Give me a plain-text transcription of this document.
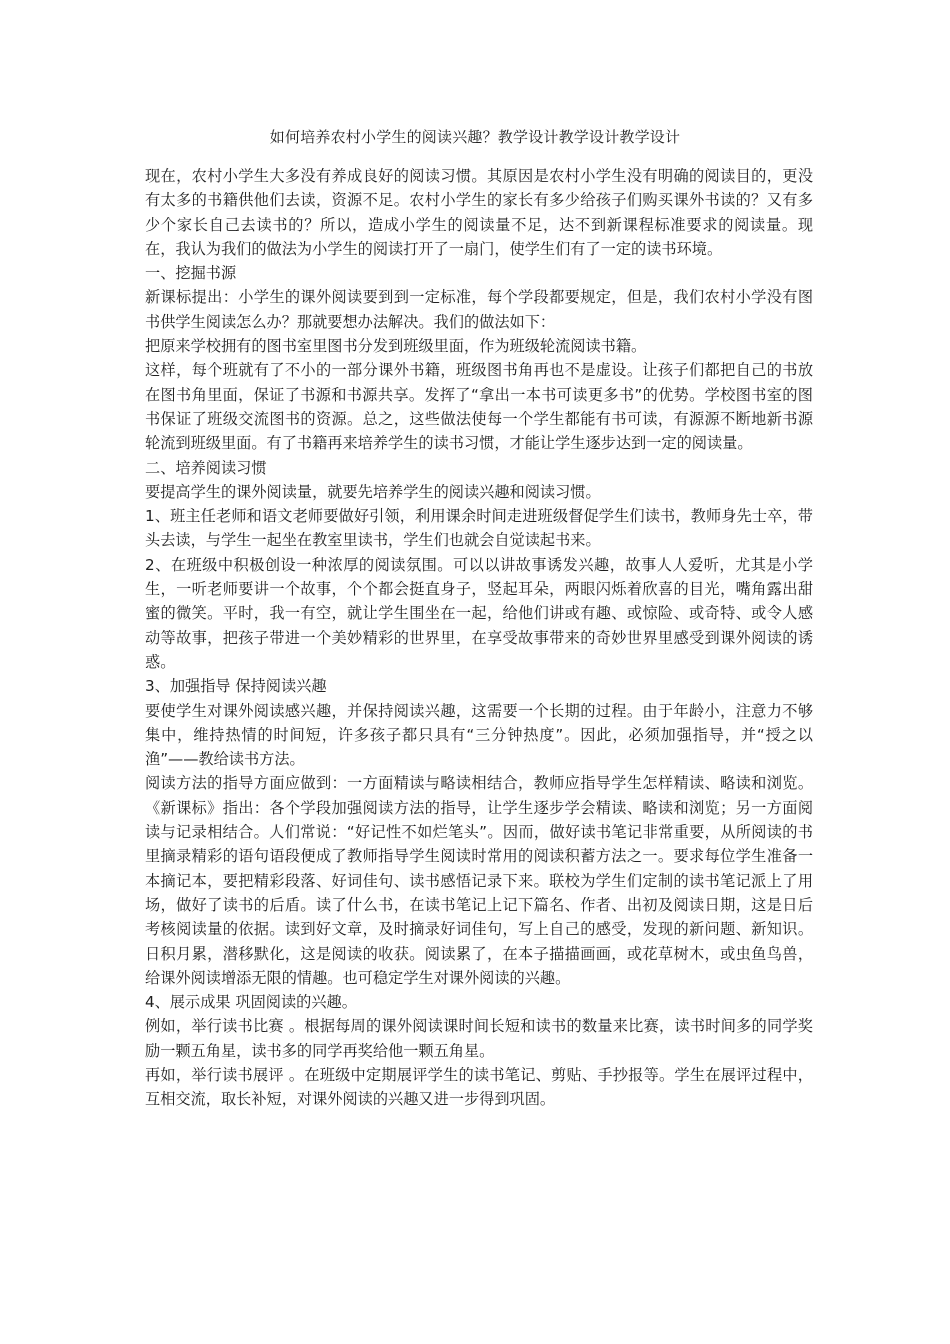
如何培养农村小学生的阅读兴趣？教学设计教学设计教学设计

现在，农村小学生大多没有养成良好的阅读习惯。其原因是农村小学生没有明确的阅读目的，更没有太多的书籍供他们去读，资源不足。农村小学生的家长有多少给孩子们购买课外书读的？又有多少个家长自己去读书的？所以，造成小学生的阅读量不足，达不到新课程标准要求的阅读量。现在，我认为我们的做法为小学生的阅读打开了一扇门，使学生们有了一定的读书环境。

一、挖掘书源

新课标提出：小学生的课外阅读要到到一定标准，每个学段都要规定，但是，我们农村小学没有图书供学生阅读怎么办？那就要想办法解决。我们的做法如下：

把原来学校拥有的图书室里图书分发到班级里面，作为班级轮流阅读书籍。

这样，每个班就有了不小的一部分课外书籍，班级图书角再也不是虚设。让孩子们都把自己的书放在图书角里面，保证了书源和书源共享。发挥了“拿出一本书可读更多书”的优势。学校图书室的图书保证了班级交流图书的资源。总之，这些做法使每一个学生都能有书可读，有源源不断地新书源轮流到班级里面。有了书籍再来培养学生的读书习惯，才能让学生逐步达到一定的阅读量。

二、培养阅读习惯

要提高学生的课外阅读量，就要先培养学生的阅读兴趣和阅读习惯。

1、班主任老师和语文老师要做好引领，利用课余时间走进班级督促学生们读书，教师身先士卒，带头去读，与学生一起坐在教室里读书，学生们也就会自觉读起书来。

2、在班级中积极创设一种浓厚的阅读氛围。可以以讲故事诱发兴趣，故事人人爱听，尤其是小学生，一听老师要讲一个故事，个个都会挺直身子，竖起耳朵，两眼闪烁着欣喜的目光，嘴角露出甜蜜的微笑。平时，我一有空，就让学生围坐在一起，给他们讲或有趣、或惊险、或奇特、或令人感动等故事，把孩子带进一个美妙精彩的世界里，在享受故事带来的奇妙世界里感受到课外阅读的诱惑。

3、加强指导 保持阅读兴趣

要使学生对课外阅读感兴趣，并保持阅读兴趣，这需要一个长期的过程。由于年龄小，注意力不够集中，维持热情的时间短，许多孩子都只具有“三分钟热度”。因此，必须加强指导，并“授之以渔”——教给读书方法。

阅读方法的指导方面应做到：一方面精读与略读相结合，教师应指导学生怎样精读、略读和浏览。《新课标》指出：各个学段加强阅读方法的指导，让学生逐步学会精读、略读和浏览；另一方面阅读与记录相结合。人们常说：“好记性不如烂笔头”。因而，做好读书笔记非常重要，从所阅读的书里摘录精彩的语句语段便成了教师指导学生阅读时常用的阅读积蓄方法之一。要求每位学生准备一本摘记本，要把精彩段落、好词佳句、读书感悟记录下来。联校为学生们定制的读书笔记派上了用场，做好了读书的后盾。读了什么书，在读书笔记上记下篇名、作者、出初及阅读日期，这是日后考核阅读量的依据。读到好文章，及时摘录好词佳句，写上自己的感受，发现的新问题、新知识。日积月累，潜移默化，这是阅读的收获。阅读累了，在本子描描画画，或花草树木，或虫鱼鸟兽，给课外阅读增添无限的情趣。也可稳定学生对课外阅读的兴趣。

4、展示成果 巩固阅读的兴趣。

例如，举行读书比赛 。根据每周的课外阅读课时间长短和读书的数量来比赛，读书时间多的同学奖励一颗五角星，读书多的同学再奖给他一颗五角星。

再如，举行读书展评 。在班级中定期展评学生的读书笔记、剪贴、手抄报等。学生在展评过程中，互相交流，取长补短，对课外阅读的兴趣又进一步得到巩固。
